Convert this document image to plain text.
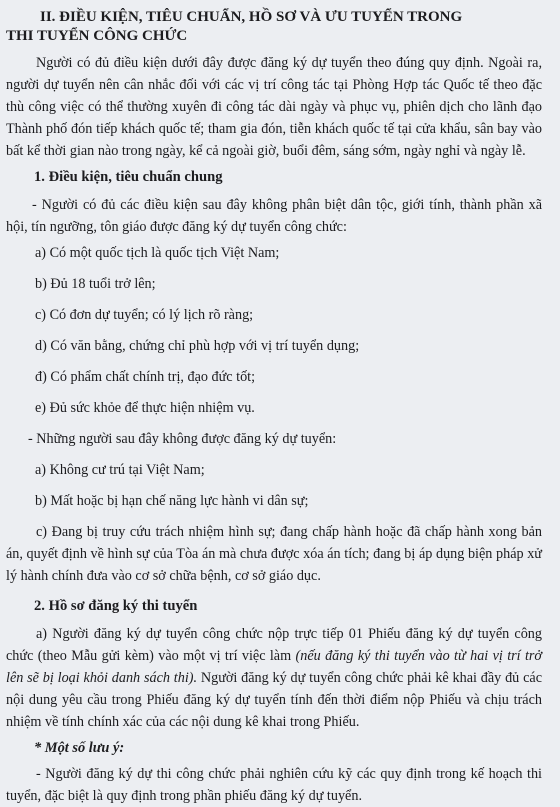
II. ĐIỀU KIỆN, TIÊU CHUẨN, HỒ SƠ VÀ ƯU TUYỂN TRONG
THI TUYỂN CÔNG CHỨC

Người có đủ điều kiện dưới đây được đăng ký dự tuyển theo đúng quy định. Ngoài ra, người dự tuyển nên cân nhắc đối với các vị trí công tác tại Phòng Hợp tác Quốc tế theo đặc thù công việc có thể thường xuyên đi công tác dài ngày và phục vụ, phiên dịch cho lãnh đạo Thành phố đón tiếp khách quốc tế; tham gia đón, tiễn khách quốc tế tại cửa khẩu, sân bay vào bất kể thời gian nào trong ngày, kể cả ngoài giờ, buổi đêm, sáng sớm, ngày nghỉ và ngày lễ.

1. Điều kiện, tiêu chuẩn chung

- Người có đủ các điều kiện sau đây không phân biệt dân tộc, giới tính, thành phần xã hội, tín ngưỡng, tôn giáo được đăng ký dự tuyển công chức:

a) Có một quốc tịch là quốc tịch Việt Nam;
b) Đủ 18 tuổi trở lên;
c) Có đơn dự tuyển; có lý lịch rõ ràng;
d) Có văn bằng, chứng chỉ phù hợp với vị trí tuyển dụng;
đ) Có phẩm chất chính trị, đạo đức tốt;
e) Đủ sức khỏe để thực hiện nhiệm vụ.
- Những người sau đây không được đăng ký dự tuyển:
a) Không cư trú tại Việt Nam;
b) Mất hoặc bị hạn chế năng lực hành vi dân sự;

c) Đang bị truy cứu trách nhiệm hình sự; đang chấp hành hoặc đã chấp hành xong bản án, quyết định về hình sự của Tòa án mà chưa được xóa án tích; đang bị áp dụng biện pháp xử lý hành chính đưa vào cơ sở chữa bệnh, cơ sở giáo dục.

2. Hồ sơ đăng ký thi tuyển

a) Người đăng ký dự tuyển công chức nộp trực tiếp 01 Phiếu đăng ký dự tuyển công chức (theo Mẫu gửi kèm) vào một vị trí việc làm (nếu đăng ký thi tuyển vào từ hai vị trí trở lên sẽ bị loại khỏi danh sách thi). Người đăng ký dự tuyển công chức phải kê khai đầy đủ các nội dung yêu cầu trong Phiếu đăng ký dự tuyển tính đến thời điểm nộp Phiếu và chịu trách nhiệm về tính chính xác của các nội dung kê khai trong Phiếu.

* Một số lưu ý:

- Người đăng ký dự thi công chức phải nghiên cứu kỹ các quy định trong kế hoạch thi tuyển, đặc biệt là quy định trong phần phiếu đăng ký dự tuyển.
